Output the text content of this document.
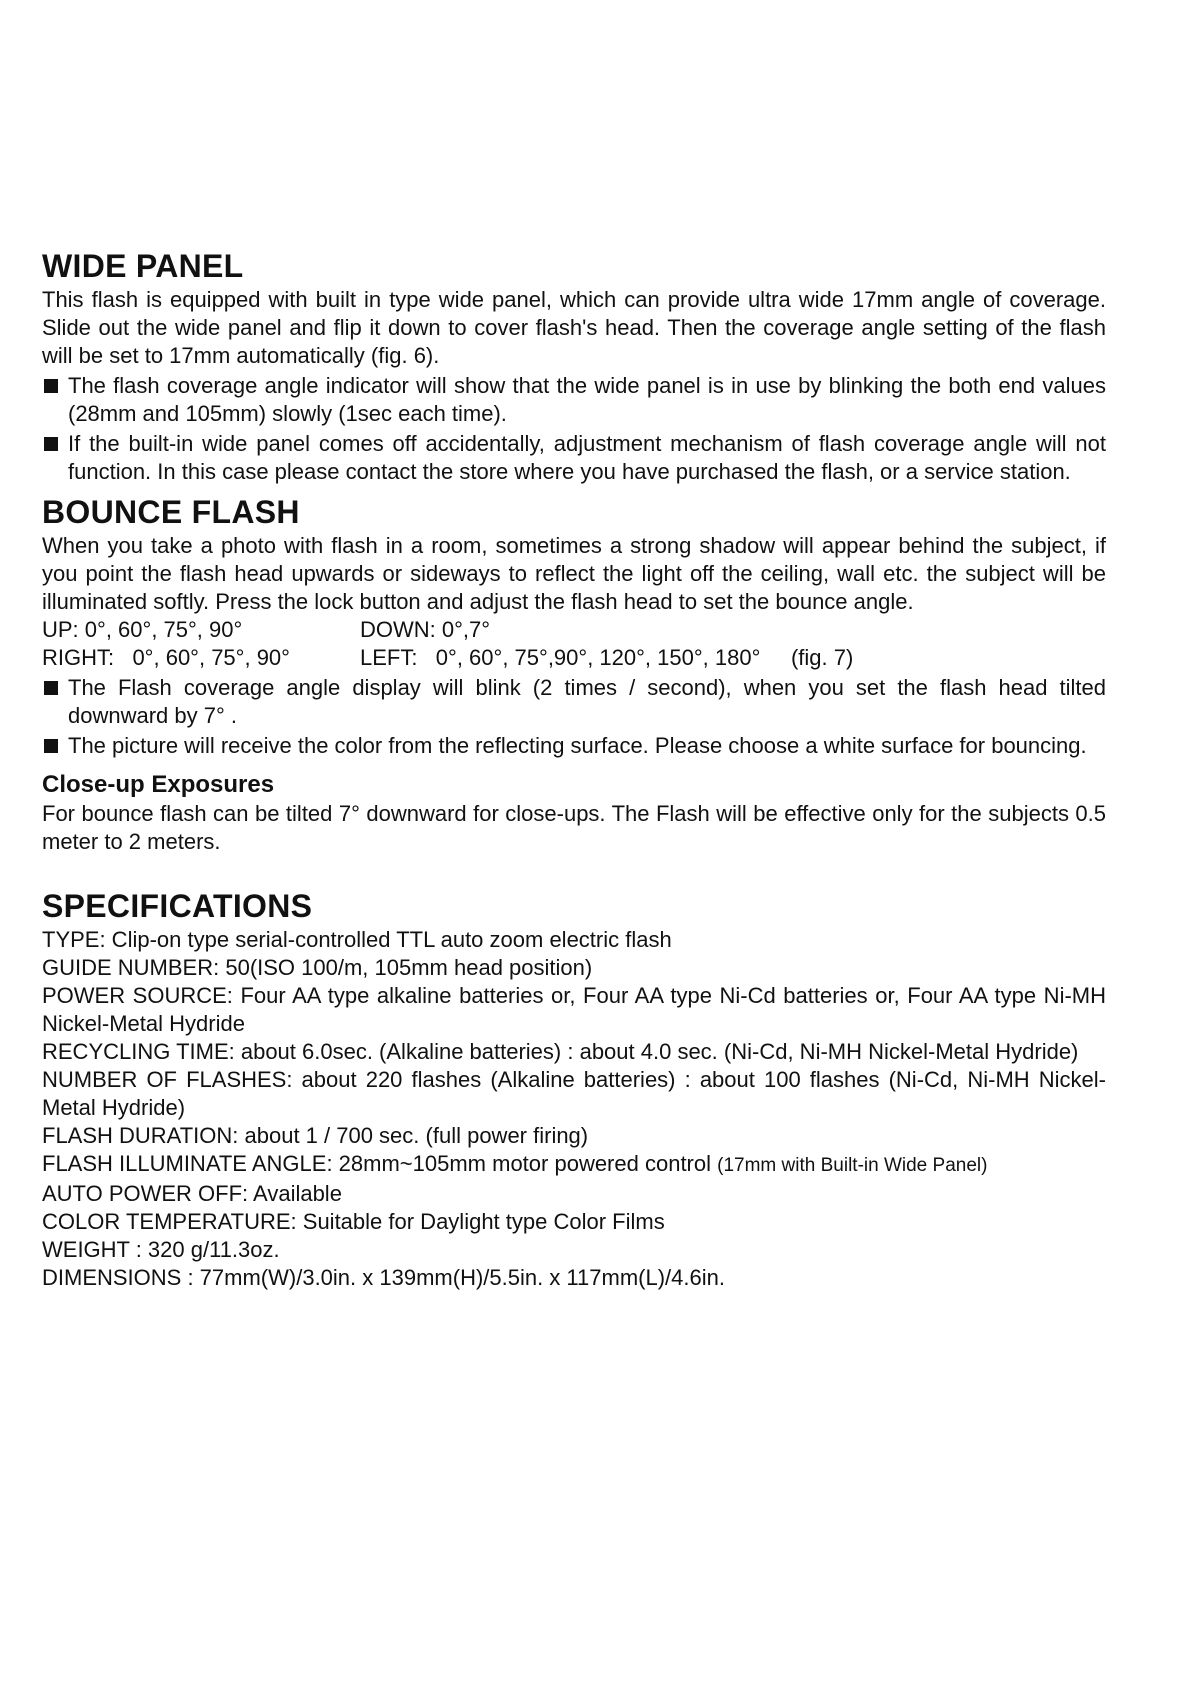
WIDE PANEL

This flash is equipped with built in type wide panel, which can provide ultra wide 17mm angle of coverage. Slide out the wide panel and flip it down to cover flash's head. Then the coverage angle setting of the flash will be set to 17mm automatically (fig. 6).

The flash coverage angle indicator will show that the wide panel is in use by blinking the both end values (28mm and 105mm) slowly (1sec each time).
If the built-in wide panel comes off accidentally, adjustment mechanism of flash coverage angle will not function. In this case please contact the store where you have purchased the flash, or a service station.
BOUNCE FLASH

When you take a photo with flash in a room, sometimes a strong shadow will appear behind the subject, if you point the flash head upwards or sideways to reflect the light off the ceiling, wall etc. the subject will be illuminated softly. Press the lock button and adjust the flash head to set the bounce angle.

UP: 0°, 60°, 75°, 90°	DOWN: 0°,7°
RIGHT:   0°, 60°, 75°, 90°	LEFT:   0°, 60°, 75°,90°, 120°, 150°, 180°     (fig. 7)
The Flash coverage angle display will blink (2 times / second), when you set the flash head tilted downward by 7° .
The picture will receive the color from the reflecting surface. Please choose a white surface for bouncing.
Close-up Exposures

For bounce flash can be tilted 7° downward for close-ups. The Flash will be effective only for the subjects 0.5 meter to 2 meters.

SPECIFICATIONS

TYPE: Clip-on type serial-controlled TTL auto zoom electric flash

GUIDE NUMBER: 50(ISO 100/m, 105mm head position)

POWER SOURCE: Four AA type alkaline batteries or, Four AA type Ni-Cd batteries or, Four AA type Ni-MH Nickel-Metal Hydride

RECYCLING TIME: about 6.0sec. (Alkaline batteries) : about 4.0 sec. (Ni-Cd, Ni-MH Nickel-Metal Hydride)

NUMBER OF FLASHES: about 220 flashes (Alkaline batteries) : about 100 flashes (Ni-Cd, Ni-MH Nickel-Metal Hydride)

FLASH DURATION: about 1 / 700 sec. (full power firing)

FLASH ILLUMINATE ANGLE: 28mm~105mm motor powered control (17mm with Built-in Wide Panel)

AUTO POWER OFF: Available

COLOR TEMPERATURE: Suitable for Daylight type Color Films

WEIGHT : 320 g/11.3oz.

DIMENSIONS : 77mm(W)/3.0in. x 139mm(H)/5.5in. x 117mm(L)/4.6in.
